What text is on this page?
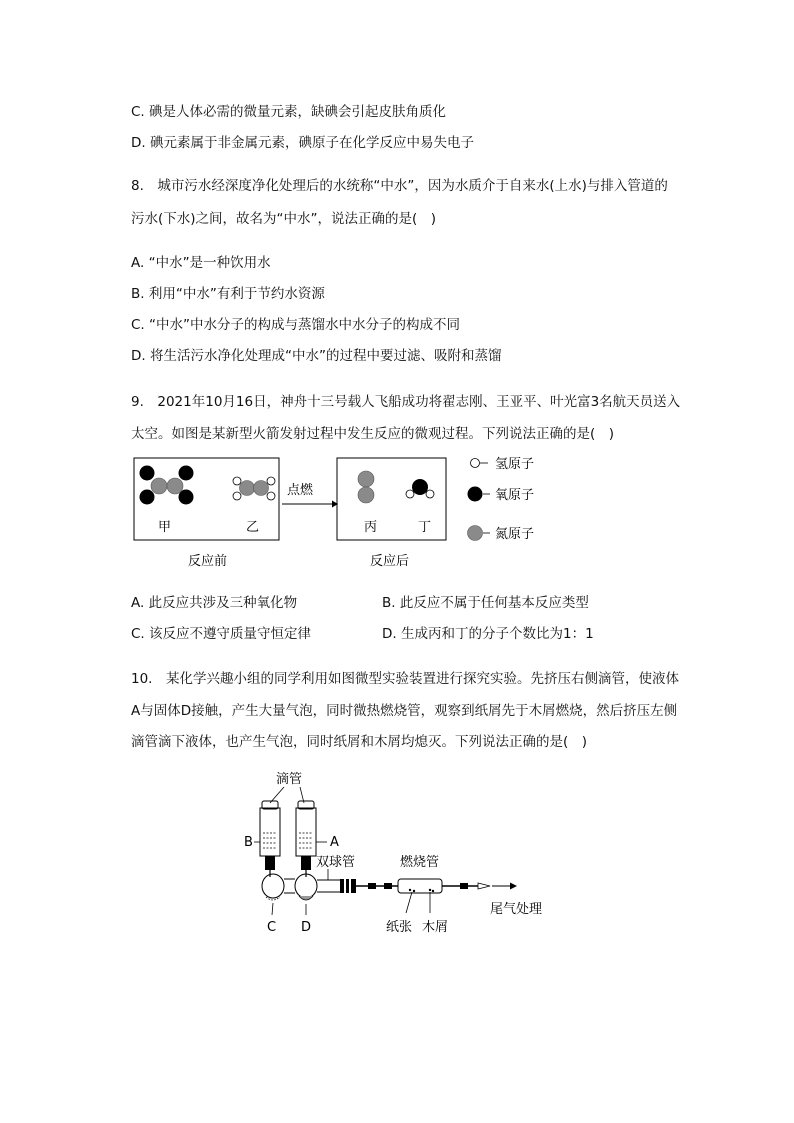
C. 碘是人体必需的微量元素，缺碘会引起皮肤角质化
D. 碘元素属于非金属元素，碘原子在化学反应中易失电子
8.　城市污水经深度净化处理后的水统称“中水”，因为水质介于自来水(上水)与排入管道的
污水(下水)之间，故名为“中水”，说法正确的是(　)
A. “中水”是一种饮用水
B. 利用“中水”有利于节约水资源
C. “中水”中水分子的构成与蒸馏水中水分子的构成不同
D. 将生活污水净化处理成“中水”的过程中要过滤、吸附和蒸馏
9.　2021年10月16日，神舟十三号载人飞船成功将翟志刚、王亚平、叶光富3名航天员送入
太空。如图是某新型火箭发射过程中发生反应的微观过程。下列说法正确的是(　)
甲	乙
点燃
丙	丁
反应前	反应后
氢原子
氧原子
氮原子
A. 此反应共涉及三种氧化物	B. 此反应不属于任何基本反应类型
C. 该反应不遵守质量守恒定律	D. 生成丙和丁的分子个数比为1：1
10.　某化学兴趣小组的同学利用如图微型实验装置进行探究实验。先挤压右侧滴管，使液体
A与固体D接触，产生大量气泡，同时微热燃烧管，观察到纸屑先于木屑燃烧，然后挤压左侧
滴管滴下液体，也产生气泡，同时纸屑和木屑均熄灭。下列说法正确的是(　)
滴管
B	A
双球管	燃烧管
尾气处理
C D	纸张 木屑
